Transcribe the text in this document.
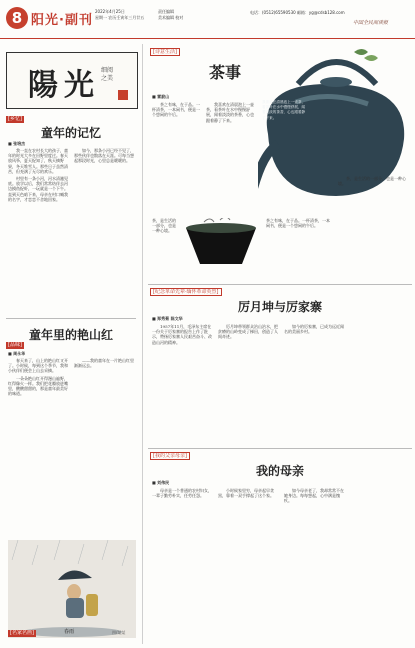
8 阳光·副刊
2022年4月25日
星期一 农历壬寅年三月廿五
责任编辑
美术编辑 校对
电话：(0512)65590530 邮箱：yg@cdsb128.com
中国全民阅读报
陽光 细阅之美
[乡忆]
童年的记忆
■ 张培杰

我一直在农村长大的孩子，童年的时光大多在田野里度过。春天放风筝，夏天捉知了，秋天摘野果，冬天堆雪人。那些日子虽然清苦，但充满了无尽的欢乐。

村里有一条小河，河水清澈见底。放学以后，我们常常结伴去河边摸鱼捉虾，一玩就是一个下午。直到天色暗下来，母亲在村口喊我的名字，才恋恋不舍地回家。

如今，那条小河已经不见了，那些伙伴也散落在天涯。可每当想起那段时光，心里总是暖暖的。

童年里的艳山红
[品味]
■ 周永华

春天来了，山上的艳山红又开了。小时候，每到这个季节，我和小伙伴们便会上山去采摘。

一朵朵艳山红开得漫山遍野，红得像火一样。我们把花瓣放进嘴里，酸酸甜甜的，那是童年最美好的味道。

——我的童年在一片艳山红里渐渐远去。

[名家名画]	春雨	图/某某
[诗意生活]
茶事
■ 雷寂山

茶之有味，在于品。一杯清茶，一本闲书，便是一个悠闲的午后。

我喜欢在清晨泡上一壶茶，看茶叶在水中慢慢舒展，闻着淡淡的茶香，心也跟着静了下来。

茶，是生活的一部分，也是一种心境。

我喜欢在清晨泡上一壶茶，看茶叶在水中慢慢舒展，闻着淡淡的茶香，心也跟着静了下来。

茶之有味，在于品。一杯清茶，一本闲书，便是一个悠闲的午后。

茶，是生活的一部分，也是一种心境。

[纪念革命先辈·缅怀革命英烈]
厉月坤与厉家寨
■ 郑秀菊 陈文华

1957年11月，毛泽东主席在一份关于厉家寨的报告上作了批示，赞扬厉家寨人民艰苦奋斗、改造山河的精神。

厉月坤带领群众治山治水，把贫瘠的山岭变成了梯田，创造了人间奇迹。

如今的厉家寨，已成为远近闻名的美丽乡村。

[我的父亲母亲]
我的母亲
■ 刘伟民

母亲是一个普通的农村妇女，一辈子勤劳朴实，任劳任怨。

小时候家里穷，母亲起早贪黑，靠着一双手撑起了这个家。

如今母亲老了，我却常常不在她身边。每每想起，心中满是愧疚。
